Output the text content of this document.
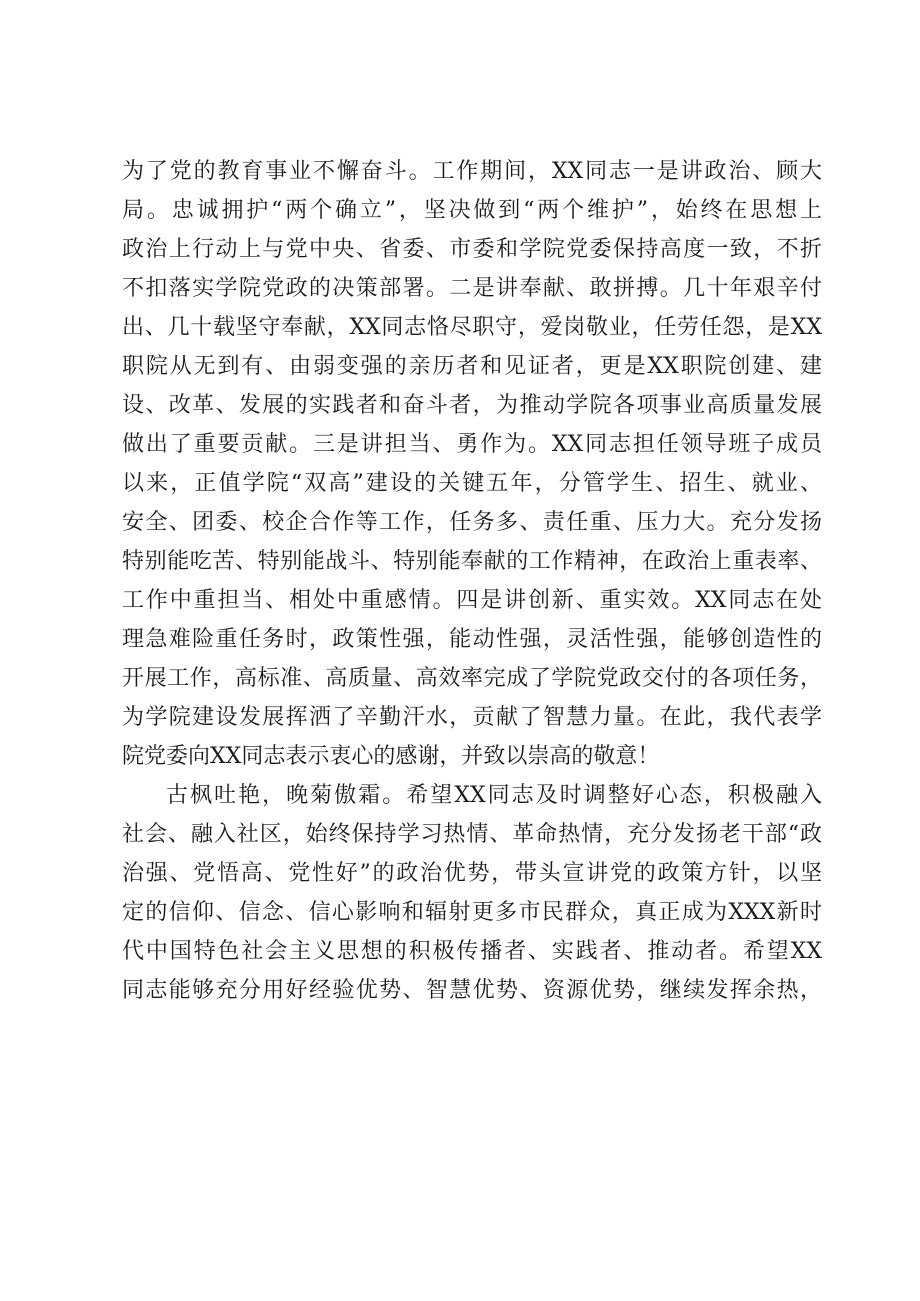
为了党的教育事业不懈奋斗。工作期间，XX同志一是讲政治、顾大
局。忠诚拥护“两个确立”，坚决做到“两个维护”，始终在思想上
政治上行动上与党中央、省委、市委和学院党委保持高度一致，不折
不扣落实学院党政的决策部署。二是讲奉献、敢拼搏。几十年艰辛付
出、几十载坚守奉献，XX同志恪尽职守，爱岗敬业，任劳任怨，是XX
职院从无到有、由弱变强的亲历者和见证者，更是XX职院创建、建
设、改革、发展的实践者和奋斗者，为推动学院各项事业高质量发展
做出了重要贡献。三是讲担当、勇作为。XX同志担任领导班子成员
以来，正值学院“双高”建设的关键五年，分管学生、招生、就业、
安全、团委、校企合作等工作，任务多、责任重、压力大。充分发扬
特别能吃苦、特别能战斗、特别能奉献的工作精神，在政治上重表率、
工作中重担当、相处中重感情。四是讲创新、重实效。XX同志在处
理急难险重任务时，政策性强，能动性强，灵活性强，能够创造性的
开展工作，高标准、高质量、高效率完成了学院党政交付的各项任务，
为学院建设发展挥洒了辛勤汗水，贡献了智慧力量。在此，我代表学
院党委向XX同志表示衷心的感谢，并致以崇高的敬意！
古枫吐艳，晚菊傲霜。希望XX同志及时调整好心态，积极融入
社会、融入社区，始终保持学习热情、革命热情，充分发扬老干部“政
治强、党悟高、党性好”的政治优势，带头宣讲党的政策方针，以坚
定的信仰、信念、信心影响和辐射更多市民群众，真正成为XXX新时
代中国特色社会主义思想的积极传播者、实践者、推动者。希望XX
同志能够充分用好经验优势、智慧优势、资源优势，继续发挥余热，
